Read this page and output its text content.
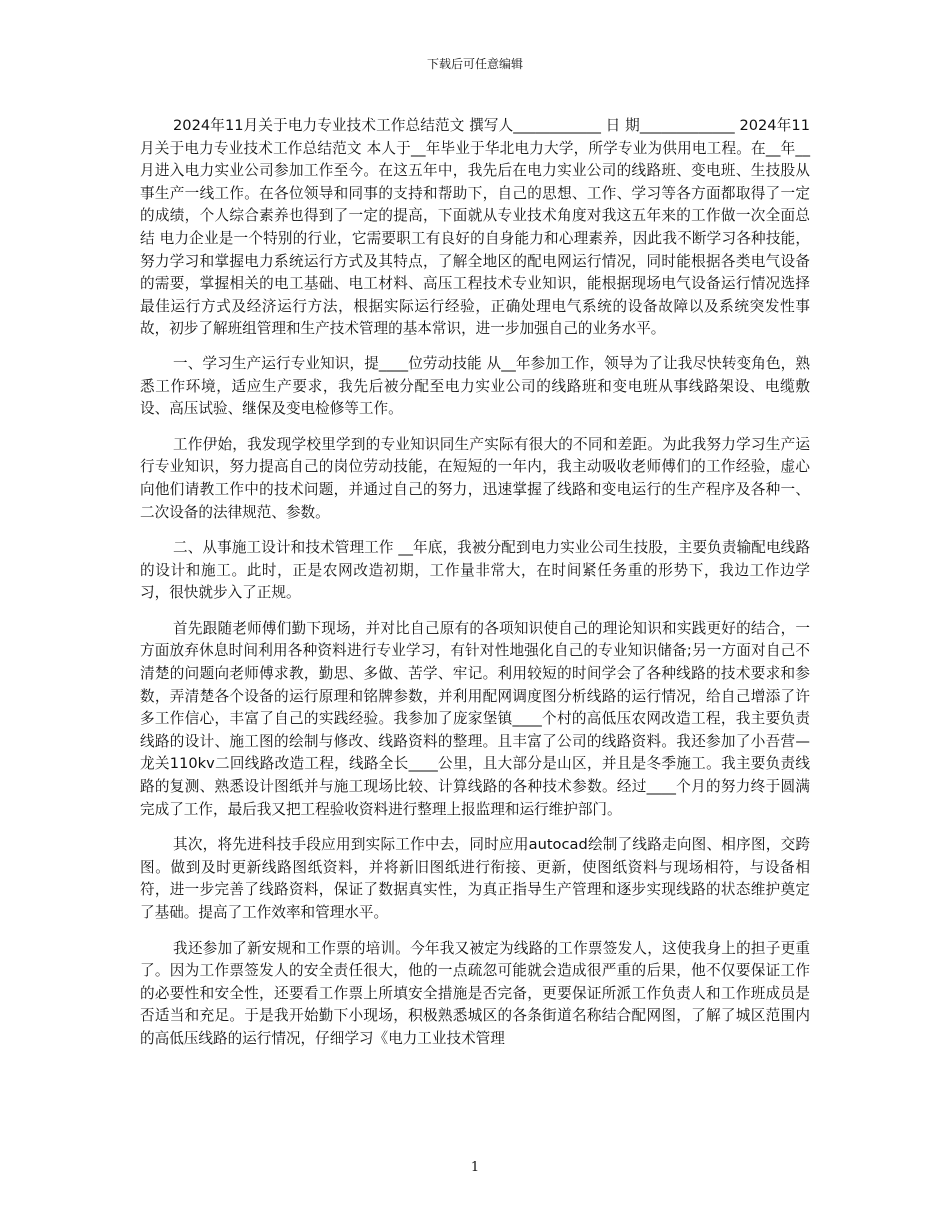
下载后可任意编辑

2024年11月关于电力专业技术工作总结范文 撰写人____________ 日 期_____________ 2024年11月关于电力专业技术工作总结范文 本人于__年毕业于华北电力大学，所学专业为供用电工程。在__年__月进入电力实业公司参加工作至今。在这五年中，我先后在电力实业公司的线路班、变电班、生技股从事生产一线工作。在各位领导和同事的支持和帮助下，自己的思想、工作、学习等各方面都取得了一定的成绩，个人综合素养也得到了一定的提高，下面就从专业技术角度对我这五年来的工作做一次全面总结 电力企业是一个特别的行业，它需要职工有良好的自身能力和心理素养，因此我不断学习各种技能，努力学习和掌握电力系统运行方式及其特点，了解全地区的配电网运行情况，同时能根据各类电气设备的需要，掌握相关的电工基础、电工材料、高压工程技术专业知识，能根据现场电气设备运行情况选择最佳运行方式及经济运行方法，根据实际运行经验，正确处理电气系统的设备故障以及系统突发性事故，初步了解班组管理和生产技术管理的基本常识，进一步加强自己的业务水平。

一、学习生产运行专业知识，提____位劳动技能 从__年参加工作，领导为了让我尽快转变角色，熟悉工作环境，适应生产要求，我先后被分配至电力实业公司的线路班和变电班从事线路架设、电缆敷设、高压试验、继保及变电检修等工作。

工作伊始，我发现学校里学到的专业知识同生产实际有很大的不同和差距。为此我努力学习生产运行专业知识，努力提高自己的岗位劳动技能，在短短的一年内，我主动吸收老师傅们的工作经验，虚心向他们请教工作中的技术问题，并通过自己的努力，迅速掌握了线路和变电运行的生产程序及各种一、二次设备的法律规范、参数。

二、从事施工设计和技术管理工作 __年底，我被分配到电力实业公司生技股，主要负责输配电线路的设计和施工。此时，正是农网改造初期，工作量非常大，在时间紧任务重的形势下，我边工作边学习，很快就步入了正规。

首先跟随老师傅们勤下现场，并对比自己原有的各项知识使自己的理论知识和实践更好的结合，一方面放弃休息时间利用各种资料进行专业学习，有针对性地强化自己的专业知识储备;另一方面对自己不清楚的问题向老师傅求教，勤思、多做、苦学、牢记。利用较短的时间学会了各种线路的技术要求和参数，弄清楚各个设备的运行原理和铭牌参数，并利用配网调度图分析线路的运行情况，给自己增添了许多工作信心，丰富了自己的实践经验。我参加了庞家堡镇____个村的高低压农网改造工程，我主要负责线路的设计、施工图的绘制与修改、线路资料的整理。且丰富了公司的线路资料。我还参加了小吾营—龙关110kv二回线路改造工程，线路全长____公里，且大部分是山区，并且是冬季施工。我主要负责线路的复测、熟悉设计图纸并与施工现场比较、计算线路的各种技术参数。经过____个月的努力终于圆满完成了工作，最后我又把工程验收资料进行整理上报监理和运行维护部门。

其次，将先进科技手段应用到实际工作中去，同时应用autocad绘制了线路走向图、相序图，交跨图。做到及时更新线路图纸资料，并将新旧图纸进行衔接、更新，使图纸资料与现场相符，与设备相符，进一步完善了线路资料，保证了数据真实性，为真正指导生产管理和逐步实现线路的状态维护奠定了基础。提高了工作效率和管理水平。

我还参加了新安规和工作票的培训。今年我又被定为线路的工作票签发人，这使我身上的担子更重了。因为工作票签发人的安全责任很大，他的一点疏忽可能就会造成很严重的后果，他不仅要保证工作的必要性和安全性，还要看工作票上所填安全措施是否完备，更要保证所派工作负责人和工作班成员是否适当和充足。于是我开始勤下小现场，积极熟悉城区的各条街道名称结合配网图，了解了城区范围内的高低压线路的运行情况，仔细学习《电力工业技术管理

1
